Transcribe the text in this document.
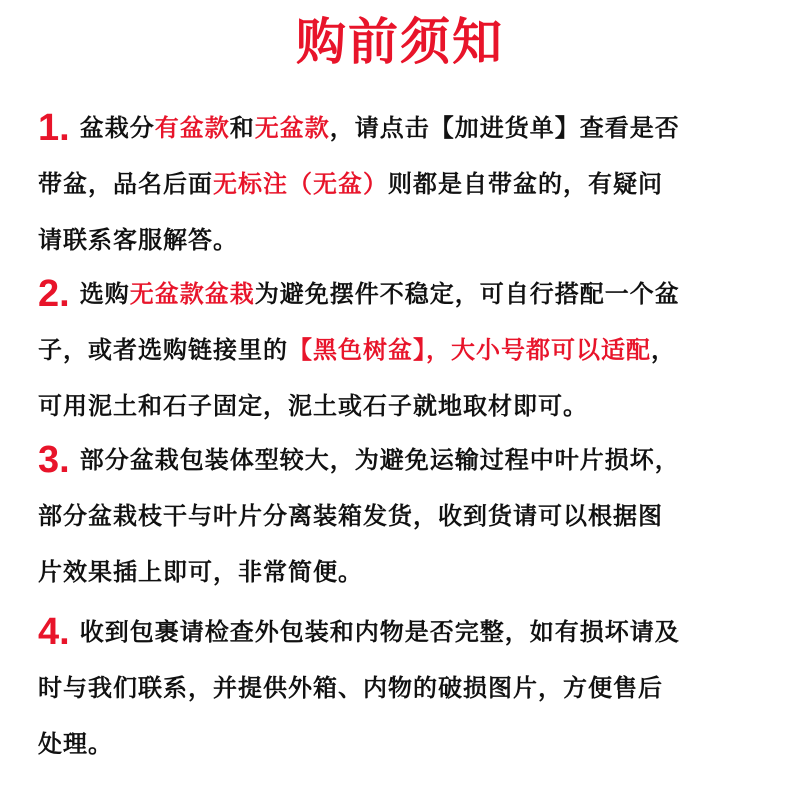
购前须知
1. 盆栽分有盆款和无盆款，请点击【加进货单】查看是否
带盆，品名后面无标注（无盆）则都是自带盆的，有疑问
请联系客服解答。
2. 选购无盆款盆栽为避免摆件不稳定，可自行搭配一个盆
子，或者选购链接里的【黑色树盆】，大小号都可以适配，
可用泥土和石子固定，泥土或石子就地取材即可。
3. 部分盆栽包装体型较大，为避免运输过程中叶片损坏，
部分盆栽枝干与叶片分离装箱发货，收到货请可以根据图
片效果插上即可，非常简便。
4. 收到包裹请检查外包装和内物是否完整，如有损坏请及
时与我们联系，并提供外箱、内物的破损图片，方便售后
处理。
